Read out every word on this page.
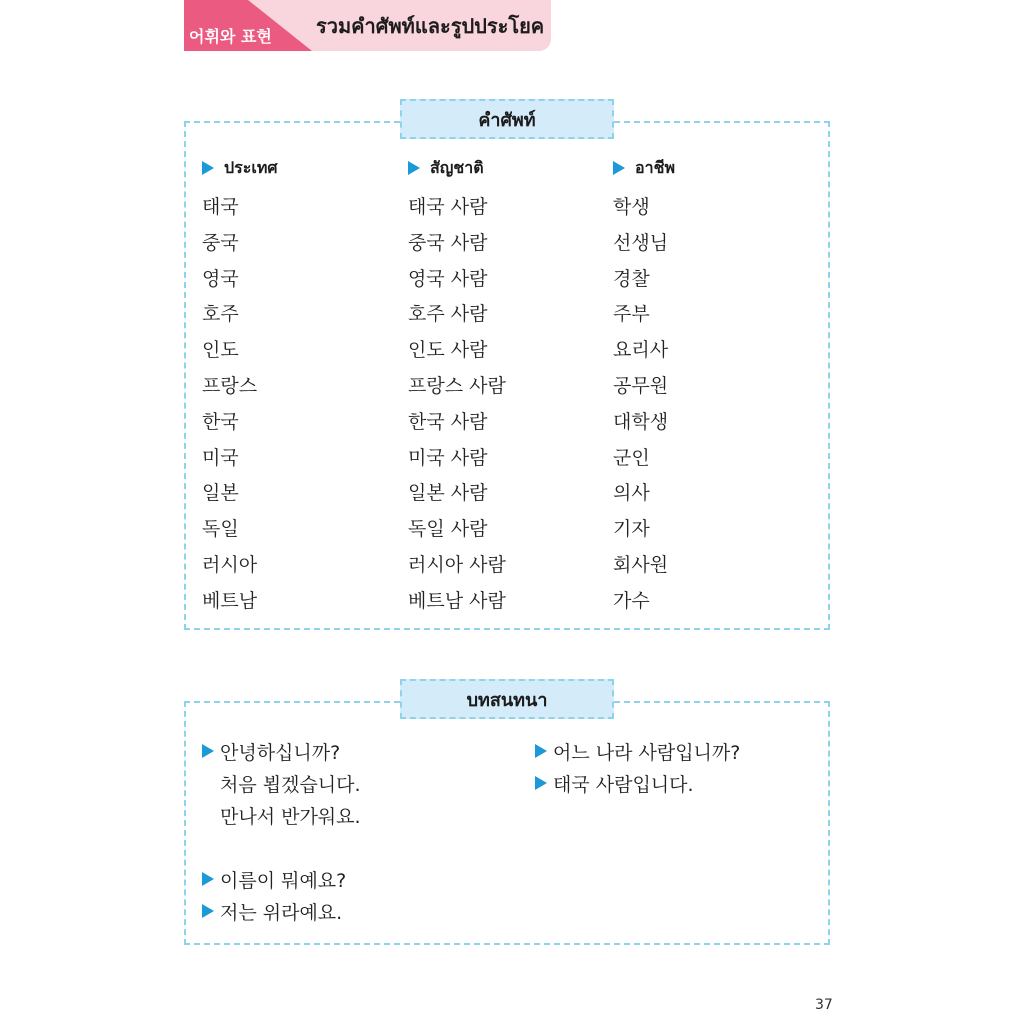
어휘와 표현 รวมคำศัพท์และรูปประโยค
คำศัพท์
ประเทศ
태국
중국
영국
호주
인도
프랑스
한국
미국
일본
독일
러시아
베트남
สัญชาติ
태국 사람
중국 사람
영국 사람
호주 사람
인도 사람
프랑스 사람
한국 사람
미국 사람
일본 사람
독일 사람
러시아 사람
베트남 사람
อาชีพ
학생
선생님
경찰
주부
요리사
공무원
대학생
군인
의사
기자
회사원
가수
บทสนทนา
안녕하십니까?
처음 뵙겠습니다.
만나서 반가워요.
이름이 뭐예요?
저는 위라예요.
어느 나라 사람입니까?
태국 사람입니다.
37
